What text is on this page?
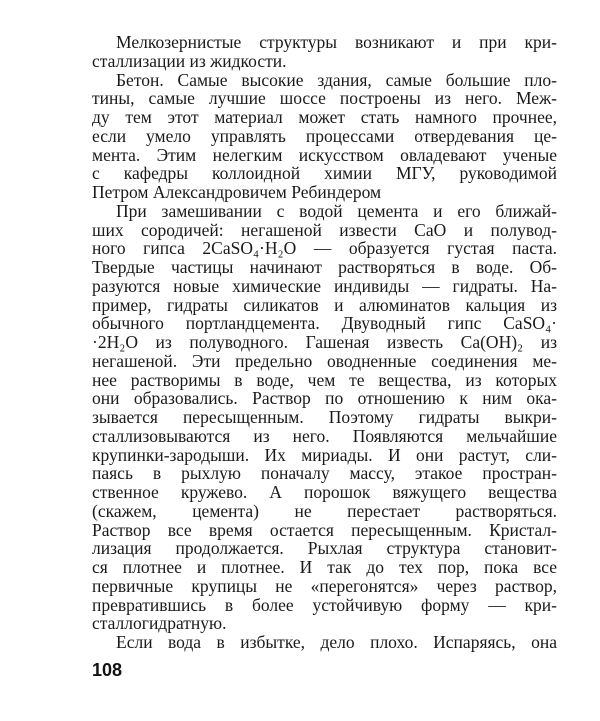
Мелкозернистые структуры возникают и при кри-
сталлизации из жидкости.
Бетон. Самые высокие здания, самые большие пло-
тины, самые лучшие шоссе построены из него. Меж-
ду тем этот материал может стать намного прочнее,
если умело управлять процессами отвердевания це-
мента. Этим нелегким искусством овладевают ученые
с кафедры коллоидной химии МГУ, руководимой
Петром Александровичем Ребиндером
При замешивании с водой цемента и его ближай-
ших сородичей: негашеной извести CaO и полувод-
ного гипса 2CaSO₄·H₂O — образуется густая паста.
Твердые частицы начинают растворяться в воде. Об-
разуются новые химические индивиды — гидраты. На-
пример, гидраты силикатов и алюминатов кальция из
обычного портландцемента. Двуводный гипс CaSO₄·
·2H₂O из полуводного. Гашеная известь Ca(OH)₂ из
негашеной. Эти предельно оводненные соединения ме-
нее растворимы в воде, чем те вещества, из которых
они образовались. Раствор по отношению к ним ока-
зывается пересыщенным. Поэтому гидраты выкри-
сталлизовываются из него. Появляются мельчайшие
крупинки-зародыши. Их мириады. И они растут, сли-
паясь в рыхлую поначалу массу, этакое простран-
ственное кружево. А порошок вяжущего вещества
(скажем, цемента) не перестает растворяться.
Раствор все время остается пересыщенным. Кристал-
лизация продолжается. Рыхлая структура становит-
ся плотнее и плотнее. И так до тех пор, пока все
первичные крупицы не «перегонятся» через раствор,
превратившись в более устойчивую форму — кри-
сталлогидратную.
Если вода в избытке, дело плохо. Испаряясь, она
108
